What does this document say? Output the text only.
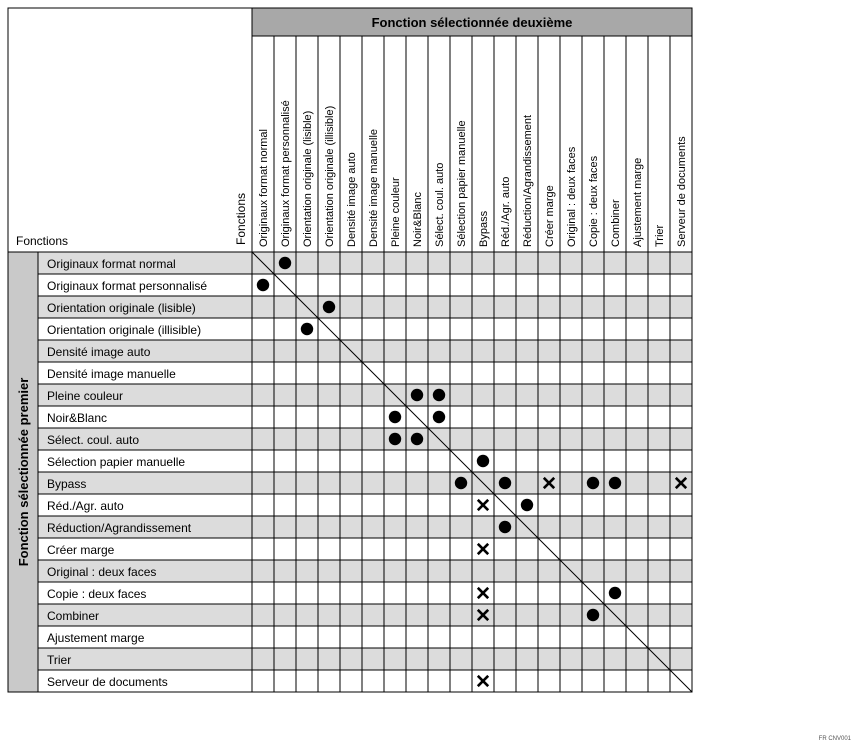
Fonction sélectionnée deuxième
Fonction sélectionnée premier
Fonctions	Fonctions Originaux format normal Originaux format personnalisé Orientation originale (lisible) Orientation originale (illisible) Densité image auto Densité image manuelle Pleine couleur Noir&Blanc Sélect. coul. auto Sélection papier manuelle Bypass Réd./Agr. auto Réduction/Agrandissement Créer marge Original : deux faces Copie : deux faces Combiner Ajustement marge Trier Serveur de documents
Originaux format normal
Originaux format personnalisé
Orientation originale (lisible)
Orientation originale (illisible)
Densité image auto
Densité image manuelle
Pleine couleur
Noir&Blanc
Sélect. coul. auto
Sélection papier manuelle
Bypass
Réd./Agr. auto
Réduction/Agrandissement
Créer marge
Original : deux faces
Copie : deux faces
Combiner
Ajustement marge
Trier
Serveur de documents
FR CNV001
